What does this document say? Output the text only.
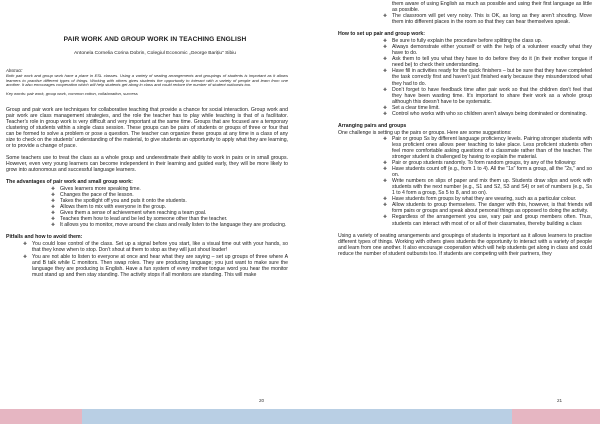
PAIR WORK AND GROUP WORK IN TEACHING ENGLISH
Antonela Cornelia Corina Dobrin, Colegiul Economic „George Barițiu” Sibiu
Abstract:
Both pair work and group work have a place in ESL classes. Using a variety of seating arrangements and groupings of students is important as it allows learners to practise different types of things. Working with others gives students the opportunity to interact with a variety of people and learn from one another. It also encourages cooperation which will help students get along in class and could reduce the number of student outbursts too.
Key words: pair work, group work, common cotton, collaboration, success

Group and pair work are techniques for collaborative teaching that provide a chance for social interaction. Group work and pair work are class management strategies, and the role the teacher has to play while teaching is that of a facilitator. Teacher’s role in group work is very difficult and very important at the same time. Groups that are focused are a temporary clustering of students within a single class session. These groups can be pairs of students or groups of three or four that can be formed to solve a problem or pose a question. The teacher can organize these groups at any time in a class of any size to check on the students’ understanding of the material, to give students an opportunity to apply what they are learning, or to provide a change of pace.

Some teachers use to treat the class as a whole group and underestimate their ability to work in pairs or in small groups. However, even very young learners can become independent in their learning and guided early, they will be more likely to grow into autonomous and successful language learners.

The advantages of pair work and small group work:
❖ Gives learners more speaking time.
❖ Changes the pace of the lesson.
❖ Takes the spotlight off you and puts it onto the students.
❖ Allows them to mix with everyone in the group.
❖ Gives them a sense of achievement when reaching a team goal.
❖ Teaches them how to lead and be led by someone other than the teacher.
❖ It allows you to monitor, move around the class and really listen to the language they are producing.
Pitfalls and how to avoid them:
❖ You could lose control of the class. Set up a signal before you start, like a visual time out with your hands, so that they know when to stop. Don’t shout at them to stop as they will just shout louder!
❖ You are not able to listen to everyone at once and hear what they are saying – set up groups of three where A and B talk while C monitors. Then swap roles. They are producing language; you just want to make sure the language they are producing is English. Have a fun system of every mother tongue word you hear the monitor must stand up and then stay standing. The activity stops if all monitors are standing. This will make
them aware of using English as much as possible and using their first language as little as possible.
❖ The classroom will get very noisy. This is OK, as long as they aren’t shouting. Move them into different places in the room so that they can hear themselves speak.
How to set up pair and group work:
❖ Be sure to fully explain the procedure before splitting the class up.
❖ Always demonstrate either yourself or with the help of a volunteer exactly what they have to do.
❖ Ask them to tell you what they have to do before they do it (in their mother tongue if need be) to check their understanding.
❖ Have fill in activities ready for the quick finishers – but be sure that they have completed the task correctly first and haven’t just finished early because they misunderstood what they had to do.
❖ Don’t forget to have feedback time after pair work so that the children don’t feel that they have been wasting time. It’s important to share their work as a whole group although this doesn’t have to be systematic.
❖ Set a clear time limit.
❖ Control who works with who so children aren’t always being dominated or dominating.
Arranging pairs and groups

One challenge is setting up the pairs or groups. Here are some suggestions:

❖ Pair or group Ss by different language proficiency levels. Pairing stronger students with less proficient ones allows peer teaching to take place. Less proficient students often feel more comfortable asking questions of a classmate rather than of the teacher. The stronger student is challenged by having to explain the material.
❖ Pair or group students randomly. To form random groups, try any of the following:
❖ Have students count off (e.g., from 1 to 4). All the “1s” form a group, all the “2s,” and so on.
❖ Write numbers on slips of paper and mix them up. Students draw slips and work with students with the next number (e.g., S1 and S2, S3 and S4) or set of numbers (e.g., Ss 1 to 4 form a group, Ss 5 to 8, and so on).
❖ Have students form groups by what they are wearing, such as a particular colour.
❖ Allow students to group themselves. The danger with this, however, is that friends will form pairs or groups and speak about personal things as opposed to doing the activity.
❖ Regardless of the arrangement you use, vary pair and group members often. Thus, students can interact with most of or all of their classmates, thereby building a class

Using a variety of seating arrangements and groupings of students is important as it allows learners to practise different types of things. Working with others gives students the opportunity to interact with a variety of people and learn from one another. It also encourage cooperation which will help students get along in class and could reduce the number of student outbursts too. If students are competing with their partners, they

20	21
